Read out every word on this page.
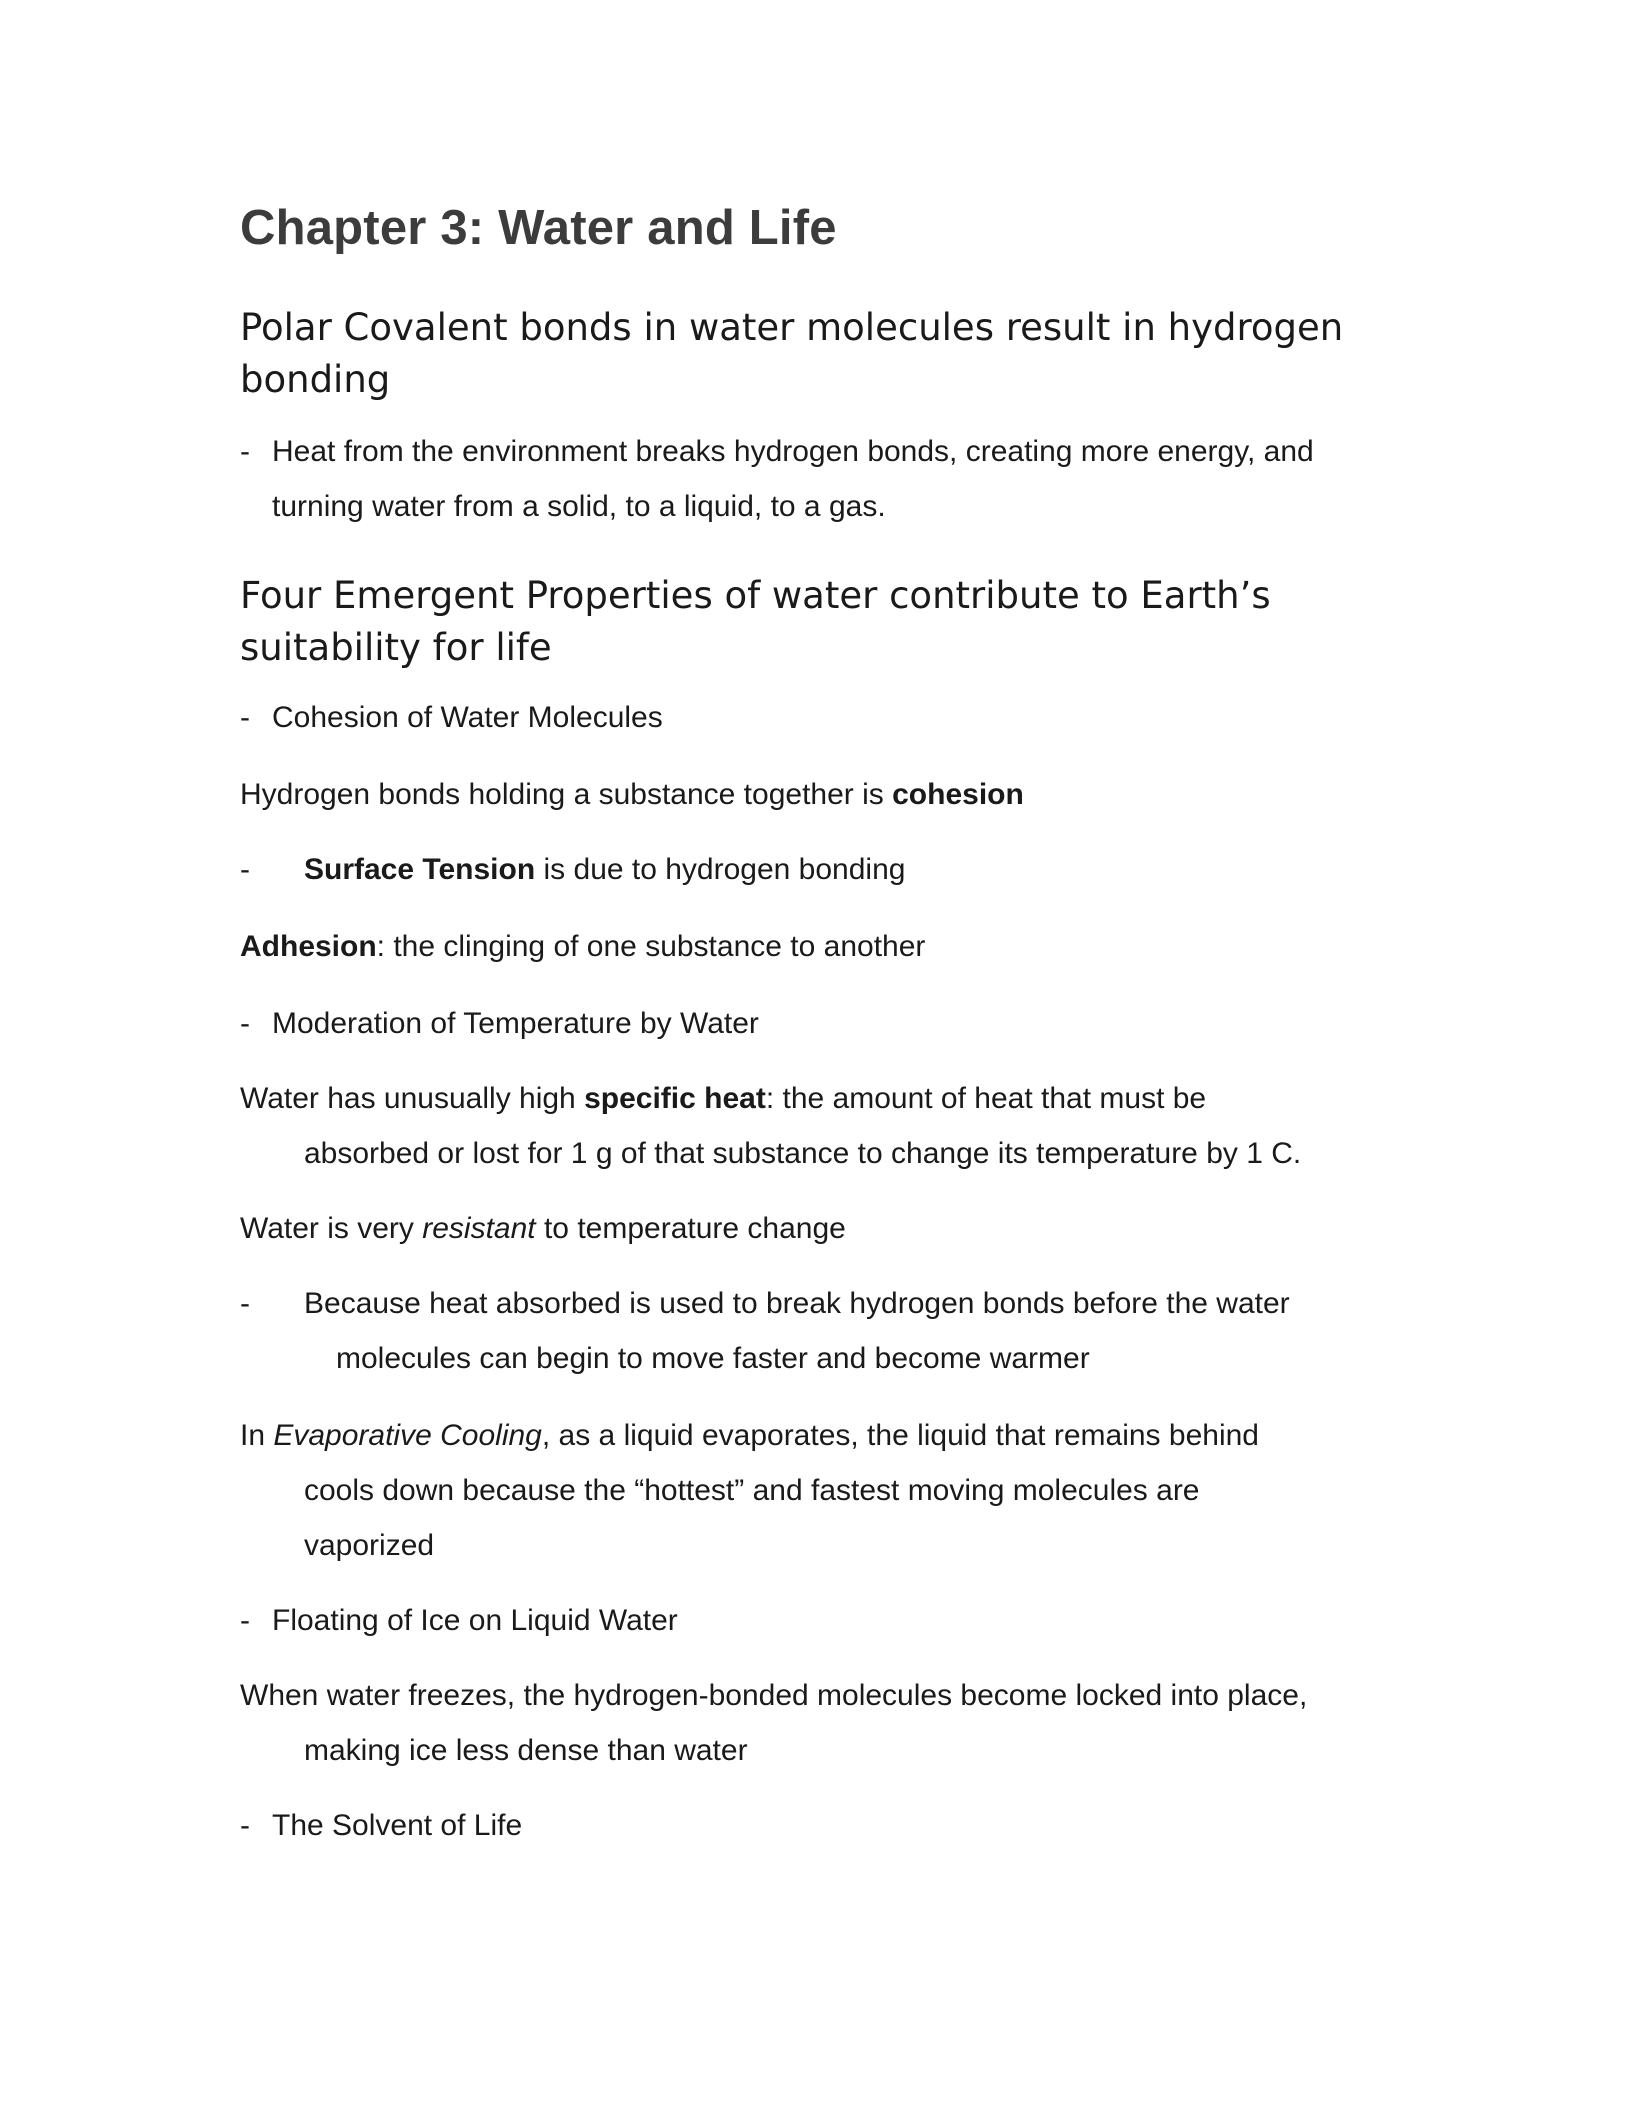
Chapter 3: Water and Life
Polar Covalent bonds in water molecules result in hydrogen bonding
- Heat from the environment breaks hydrogen bonds, creating more energy, and
turning water from a solid, to a liquid, to a gas.
Four Emergent Properties of water contribute to Earth’s suitability for life
- Cohesion of Water Molecules

Hydrogen bonds holding a substance together is cohesion

- Surface Tension is due to hydrogen bonding

Adhesion: the clinging of one substance to another

- Moderation of Temperature by Water

Water has unusually high specific heat: the amount of heat that must be
absorbed or lost for 1 g of that substance to change its temperature by 1 C.

Water is very resistant to temperature change

- Because heat absorbed is used to break hydrogen bonds before the water
molecules can begin to move faster and become warmer

In Evaporative Cooling, as a liquid evaporates, the liquid that remains behind
cools down because the “hottest” and fastest moving molecules are
vaporized

- Floating of Ice on Liquid Water

When water freezes, the hydrogen-bonded molecules become locked into place,
making ice less dense than water

- The Solvent of Life
